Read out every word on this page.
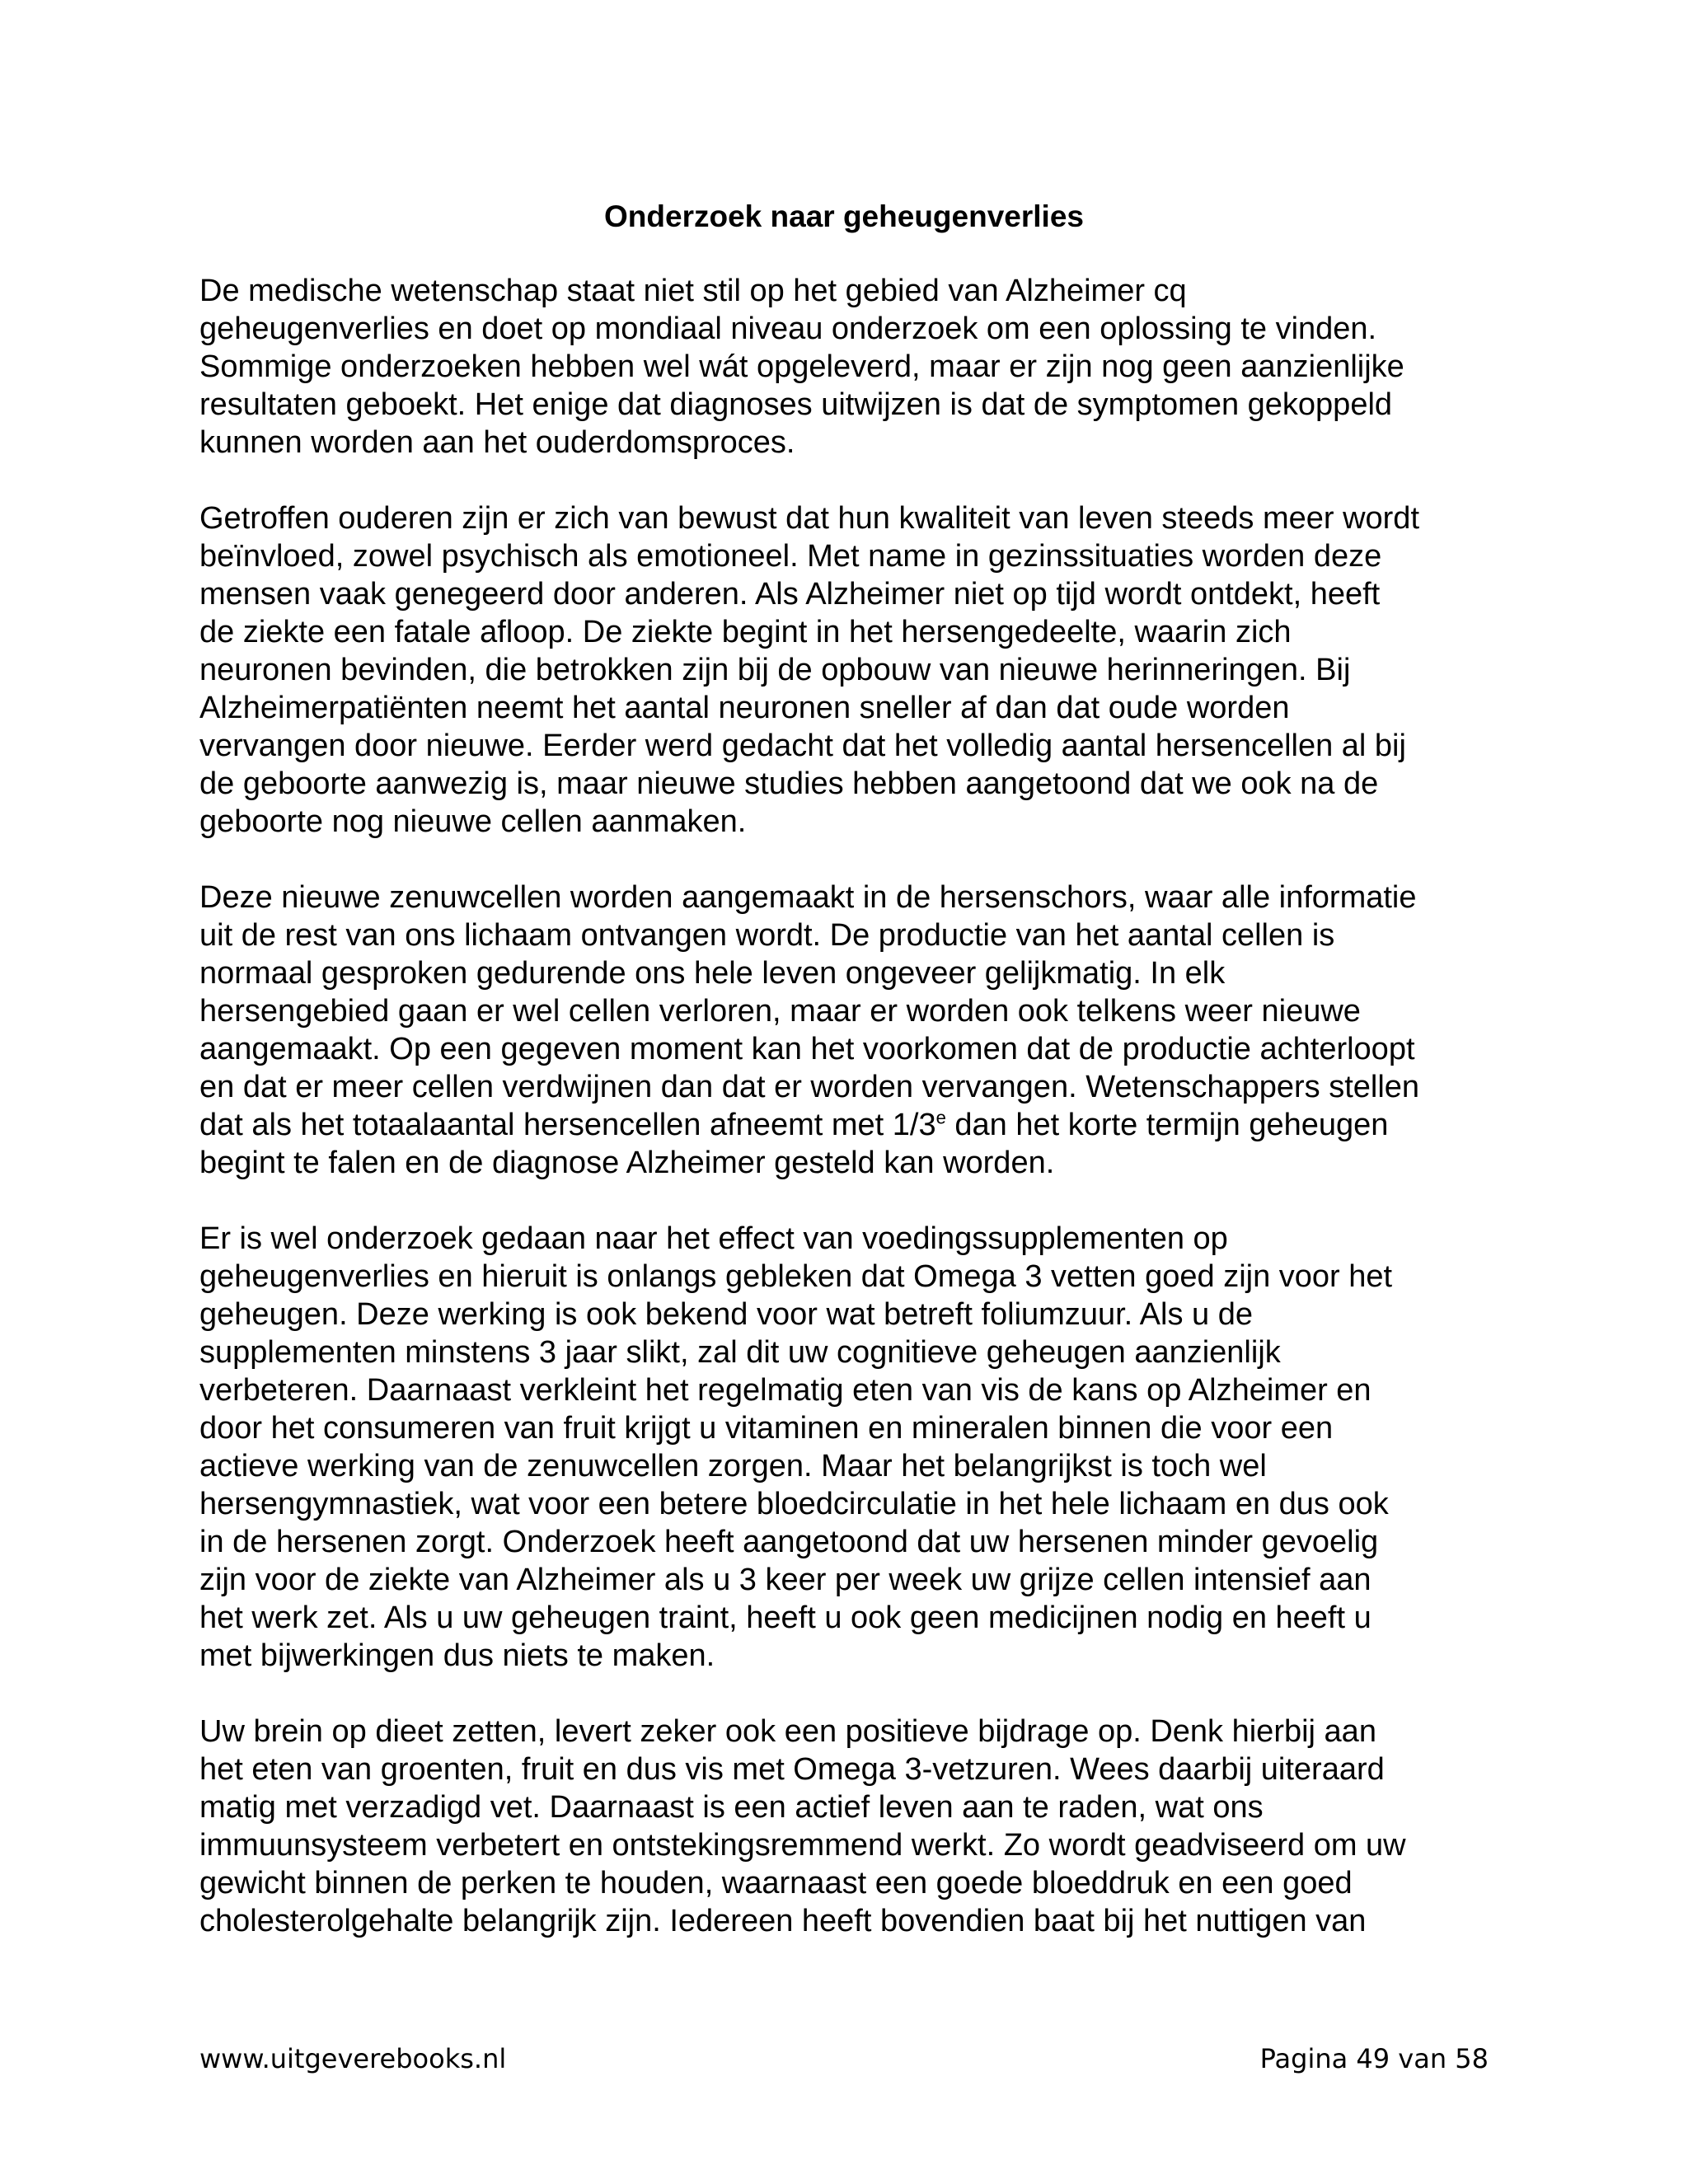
Onderzoek naar geheugenverlies

De medische wetenschap staat niet stil op het gebied van Alzheimer cq
geheugenverlies en doet op mondiaal niveau onderzoek om een oplossing te vinden.
Sommige onderzoeken hebben wel wát opgeleverd, maar er zijn nog geen aanzienlijke
resultaten geboekt. Het enige dat diagnoses uitwijzen is dat de symptomen gekoppeld
kunnen worden aan het ouderdomsproces.

Getroffen ouderen zijn er zich van bewust dat hun kwaliteit van leven steeds meer wordt
beïnvloed, zowel psychisch als emotioneel. Met name in gezinssituaties worden deze
mensen vaak genegeerd door anderen. Als Alzheimer niet op tijd wordt ontdekt, heeft
de ziekte een fatale afloop. De ziekte begint in het hersengedeelte, waarin zich
neuronen bevinden, die betrokken zijn bij de opbouw van nieuwe herinneringen. Bij
Alzheimerpatiënten neemt het aantal neuronen sneller af dan dat oude worden
vervangen door nieuwe. Eerder werd gedacht dat het volledig aantal hersencellen al bij
de geboorte aanwezig is, maar nieuwe studies hebben aangetoond dat we ook na de
geboorte nog nieuwe cellen aanmaken.

Deze nieuwe zenuwcellen worden aangemaakt in de hersenschors, waar alle informatie
uit de rest van ons lichaam ontvangen wordt. De productie van het aantal cellen is
normaal gesproken gedurende ons hele leven ongeveer gelijkmatig. In elk
hersengebied gaan er wel cellen verloren, maar er worden ook telkens weer nieuwe
aangemaakt. Op een gegeven moment kan het voorkomen dat de productie achterloopt
en dat er meer cellen verdwijnen dan dat er worden vervangen. Wetenschappers stellen
dat als het totaalaantal hersencellen afneemt met 1/3e dan het korte termijn geheugen
begint te falen en de diagnose Alzheimer gesteld kan worden.

Er is wel onderzoek gedaan naar het effect van voedingssupplementen op
geheugenverlies en hieruit is onlangs gebleken dat Omega 3 vetten goed zijn voor het
geheugen. Deze werking is ook bekend voor wat betreft foliumzuur. Als u de
supplementen minstens 3 jaar slikt, zal dit uw cognitieve geheugen aanzienlijk
verbeteren. Daarnaast verkleint het regelmatig eten van vis de kans op Alzheimer en
door het consumeren van fruit krijgt u vitaminen en mineralen binnen die voor een
actieve werking van de zenuwcellen zorgen. Maar het belangrijkst is toch wel
hersengymnastiek, wat voor een betere bloedcirculatie in het hele lichaam en dus ook
in de hersenen zorgt. Onderzoek heeft aangetoond dat uw hersenen minder gevoelig
zijn voor de ziekte van Alzheimer als u 3 keer per week uw grijze cellen intensief aan
het werk zet. Als u uw geheugen traint, heeft u ook geen medicijnen nodig en heeft u
met bijwerkingen dus niets te maken.

Uw brein op dieet zetten, levert zeker ook een positieve bijdrage op. Denk hierbij aan
het eten van groenten, fruit en dus vis met Omega 3-vetzuren. Wees daarbij uiteraard
matig met verzadigd vet. Daarnaast is een actief leven aan te raden, wat ons
immuunsysteem verbetert en ontstekingsremmend werkt. Zo wordt geadviseerd om uw
gewicht binnen de perken te houden, waarnaast een goede bloeddruk en een goed
cholesterolgehalte belangrijk zijn. Iedereen heeft bovendien baat bij het nuttigen van

www.uitgeverebooks.nl	Pagina 49 van 58
